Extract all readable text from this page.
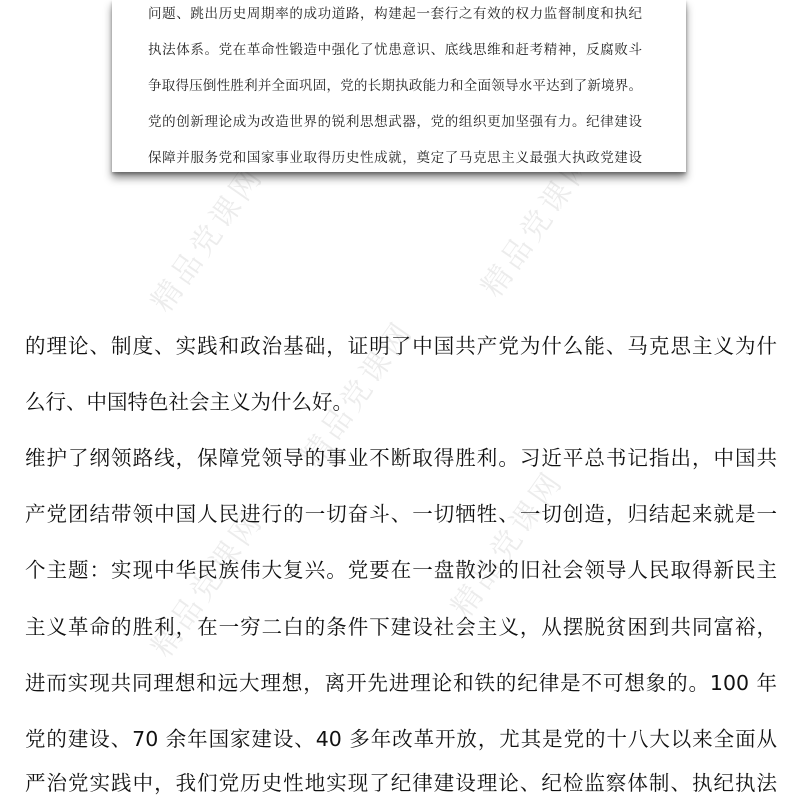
精品党课网	精品党课网
精品党课网
精品党课网	精品党课网
问题、跳出历史周期率的成功道路，构建起一套行之有效的权力监督制度和执纪
执法体系。党在革命性锻造中强化了忧患意识、底线思维和赶考精神，反腐败斗
争取得压倒性胜利并全面巩固，党的长期执政能力和全面领导水平达到了新境界。
党的创新理论成为改造世界的锐利思想武器，党的组织更加坚强有力。纪律建设
保障并服务党和国家事业取得历史性成就，奠定了马克思主义最强大执政党建设
的理论、制度、实践和政治基础，证明了中国共产党为什么能、马克思主义为什
么行、中国特色社会主义为什么好。
维护了纲领路线，保障党领导的事业不断取得胜利。习近平总书记指出，中国共
产党团结带领中国人民进行的一切奋斗、一切牺牲、一切创造，归结起来就是一
个主题：实现中华民族伟大复兴。党要在一盘散沙的旧社会领导人民取得新民主
主义革命的胜利，在一穷二白的条件下建设社会主义，从摆脱贫困到共同富裕，
进而实现共同理想和远大理想，离开先进理论和铁的纪律是不可想象的。100 年
党的建设、70 余年国家建设、40 多年改革开放，尤其是党的十八大以来全面从
严治党实践中，我们党历史性地实现了纪律建设理论、纪检监察体制、执纪执法
